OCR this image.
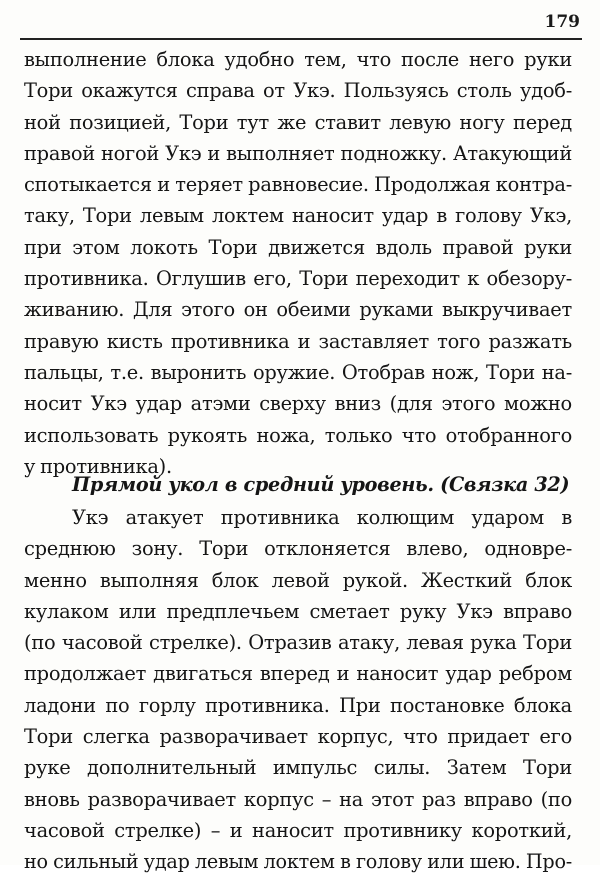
179
выполнение блока удобно тем, что после него руки
Тори окажутся справа от Укэ. Пользуясь столь удоб-
ной позицией, Тори тут же ставит левую ногу перед
правой ногой Укэ и выполняет подножку. Атакующий
спотыкается и теряет равновесие. Продолжая контра-
таку, Тори левым локтем наносит удар в голову Укэ,
при этом локоть Тори движется вдоль правой руки
противника. Оглушив его, Тори переходит к обезору-
живанию. Для этого он обеими руками выкручивает
правую кисть противника и заставляет того разжать
пальцы, т.е. выронить оружие. Отобрав нож, Тори на-
носит Укэ удар атэми сверху вниз (для этого можно
использовать рукоять ножа, только что отобранного
у противника).
Прямой укол в средний уровень. (Связка 32)
Укэ атакует противника колющим ударом в
среднюю зону. Тори отклоняется влево, одновре-
менно выполняя блок левой рукой. Жесткий блок
кулаком или предплечьем сметает руку Укэ вправо
(по часовой стрелке). Отразив атаку, левая рука Тори
продолжает двигаться вперед и наносит удар ребром
ладони по горлу противника. При постановке блока
Тори слегка разворачивает корпус, что придает его
руке дополнительный импульс силы. Затем Тори
вновь разворачивает корпус – на этот раз вправо (по
часовой стрелке) – и наносит противнику короткий,
но сильный удар левым локтем в голову или шею. Про-
